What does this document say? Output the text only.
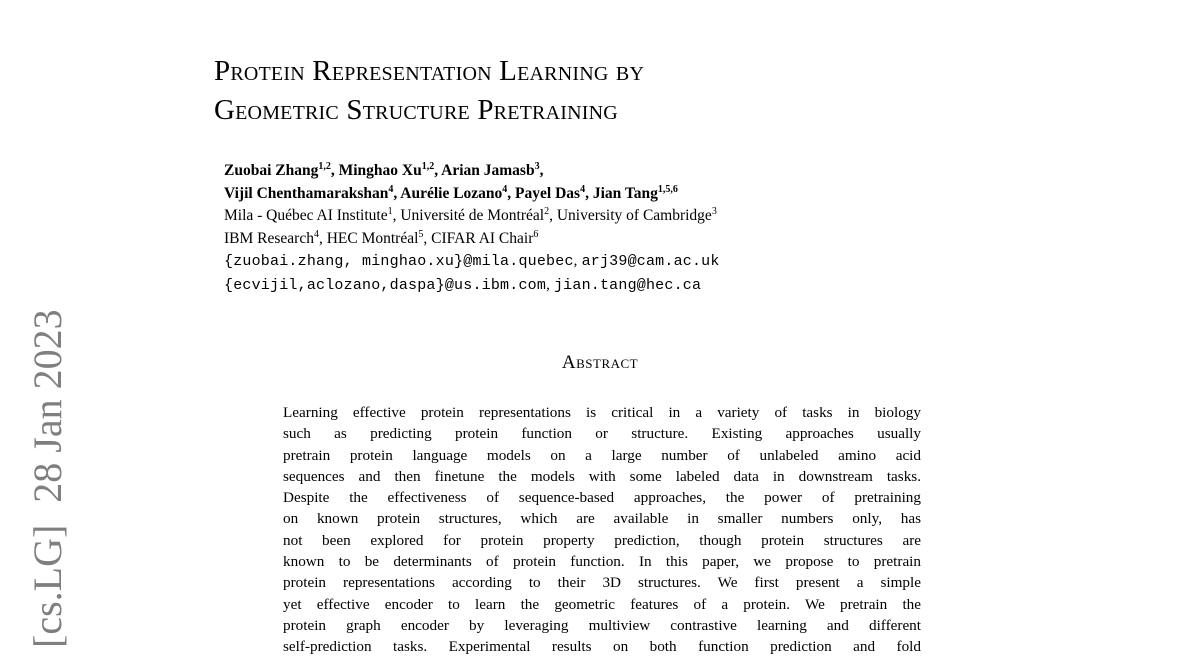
[cs.LG]28 Jan 2023
Protein Representation Learning by
Geometric Structure Pretraining
Zuobai Zhang$^{1,2}$, Minghao Xu$^{1,2}$, Arian Jamasb$^3$,
Vijil Chenthamarakshan$^4$, Aurélie Lozano$^4$, Payel Das$^4$, Jian Tang$^{1,5,6}$
Mila - Québec AI Institute$^1$, Université de Montréal$^2$, University of Cambridge$^3$
IBM Research$^4$, HEC Montréal$^5$, CIFAR AI Chair$^6$
{zuobai.zhang, minghao.xu}@mila.quebec, arj39@cam.ac.uk
{ecvijil,aclozano,daspa}@us.ibm.com, jian.tang@hec.ca
Abstract
Learning effective protein representations is critical in a variety of tasks in biology
such as predicting protein function or structure. Existing approaches usually
pretrain protein language models on a large number of unlabeled amino acid
sequences and then finetune the models with some labeled data in downstream tasks.
Despite the effectiveness of sequence-based approaches, the power of pretraining
on known protein structures, which are available in smaller numbers only, has
not been explored for protein property prediction, though protein structures are
known to be determinants of protein function. In this paper, we propose to pretrain
protein representations according to their 3D structures. We first present a simple
yet effective encoder to learn the geometric features of a protein. We pretrain the
protein graph encoder by leveraging multiview contrastive learning and different
self-prediction tasks. Experimental results on both function prediction and fold
